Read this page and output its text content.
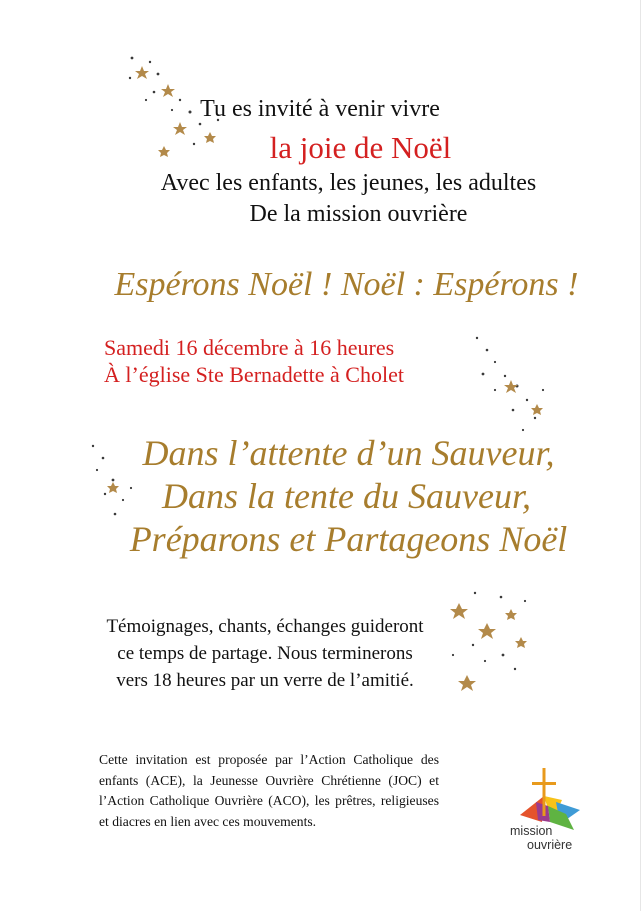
Tu es invité à venir vivre
la joie de Noël
Avec les enfants, les jeunes, les adultes
De la mission ouvrière
Espérons Noël ! Noël : Espérons !
Samedi 16 décembre à 16 heures
À l’église Ste Bernadette à Cholet
Dans l’attente d’un Sauveur,
Dans la tente du Sauveur,
Préparons et Partageons Noël
Témoignages, chants, échanges guideront
ce temps de partage. Nous terminerons
vers 18 heures par un verre de l’amitié.
Cette invitation est proposée par l’Action Catholique des enfants (ACE), la Jeunesse Ouvrière Chrétienne (JOC) et l’Action Catholique Ouvrière (ACO), les prêtres, religieuses et diacres en lien avec ces mouvements.
mission
ouvrière
